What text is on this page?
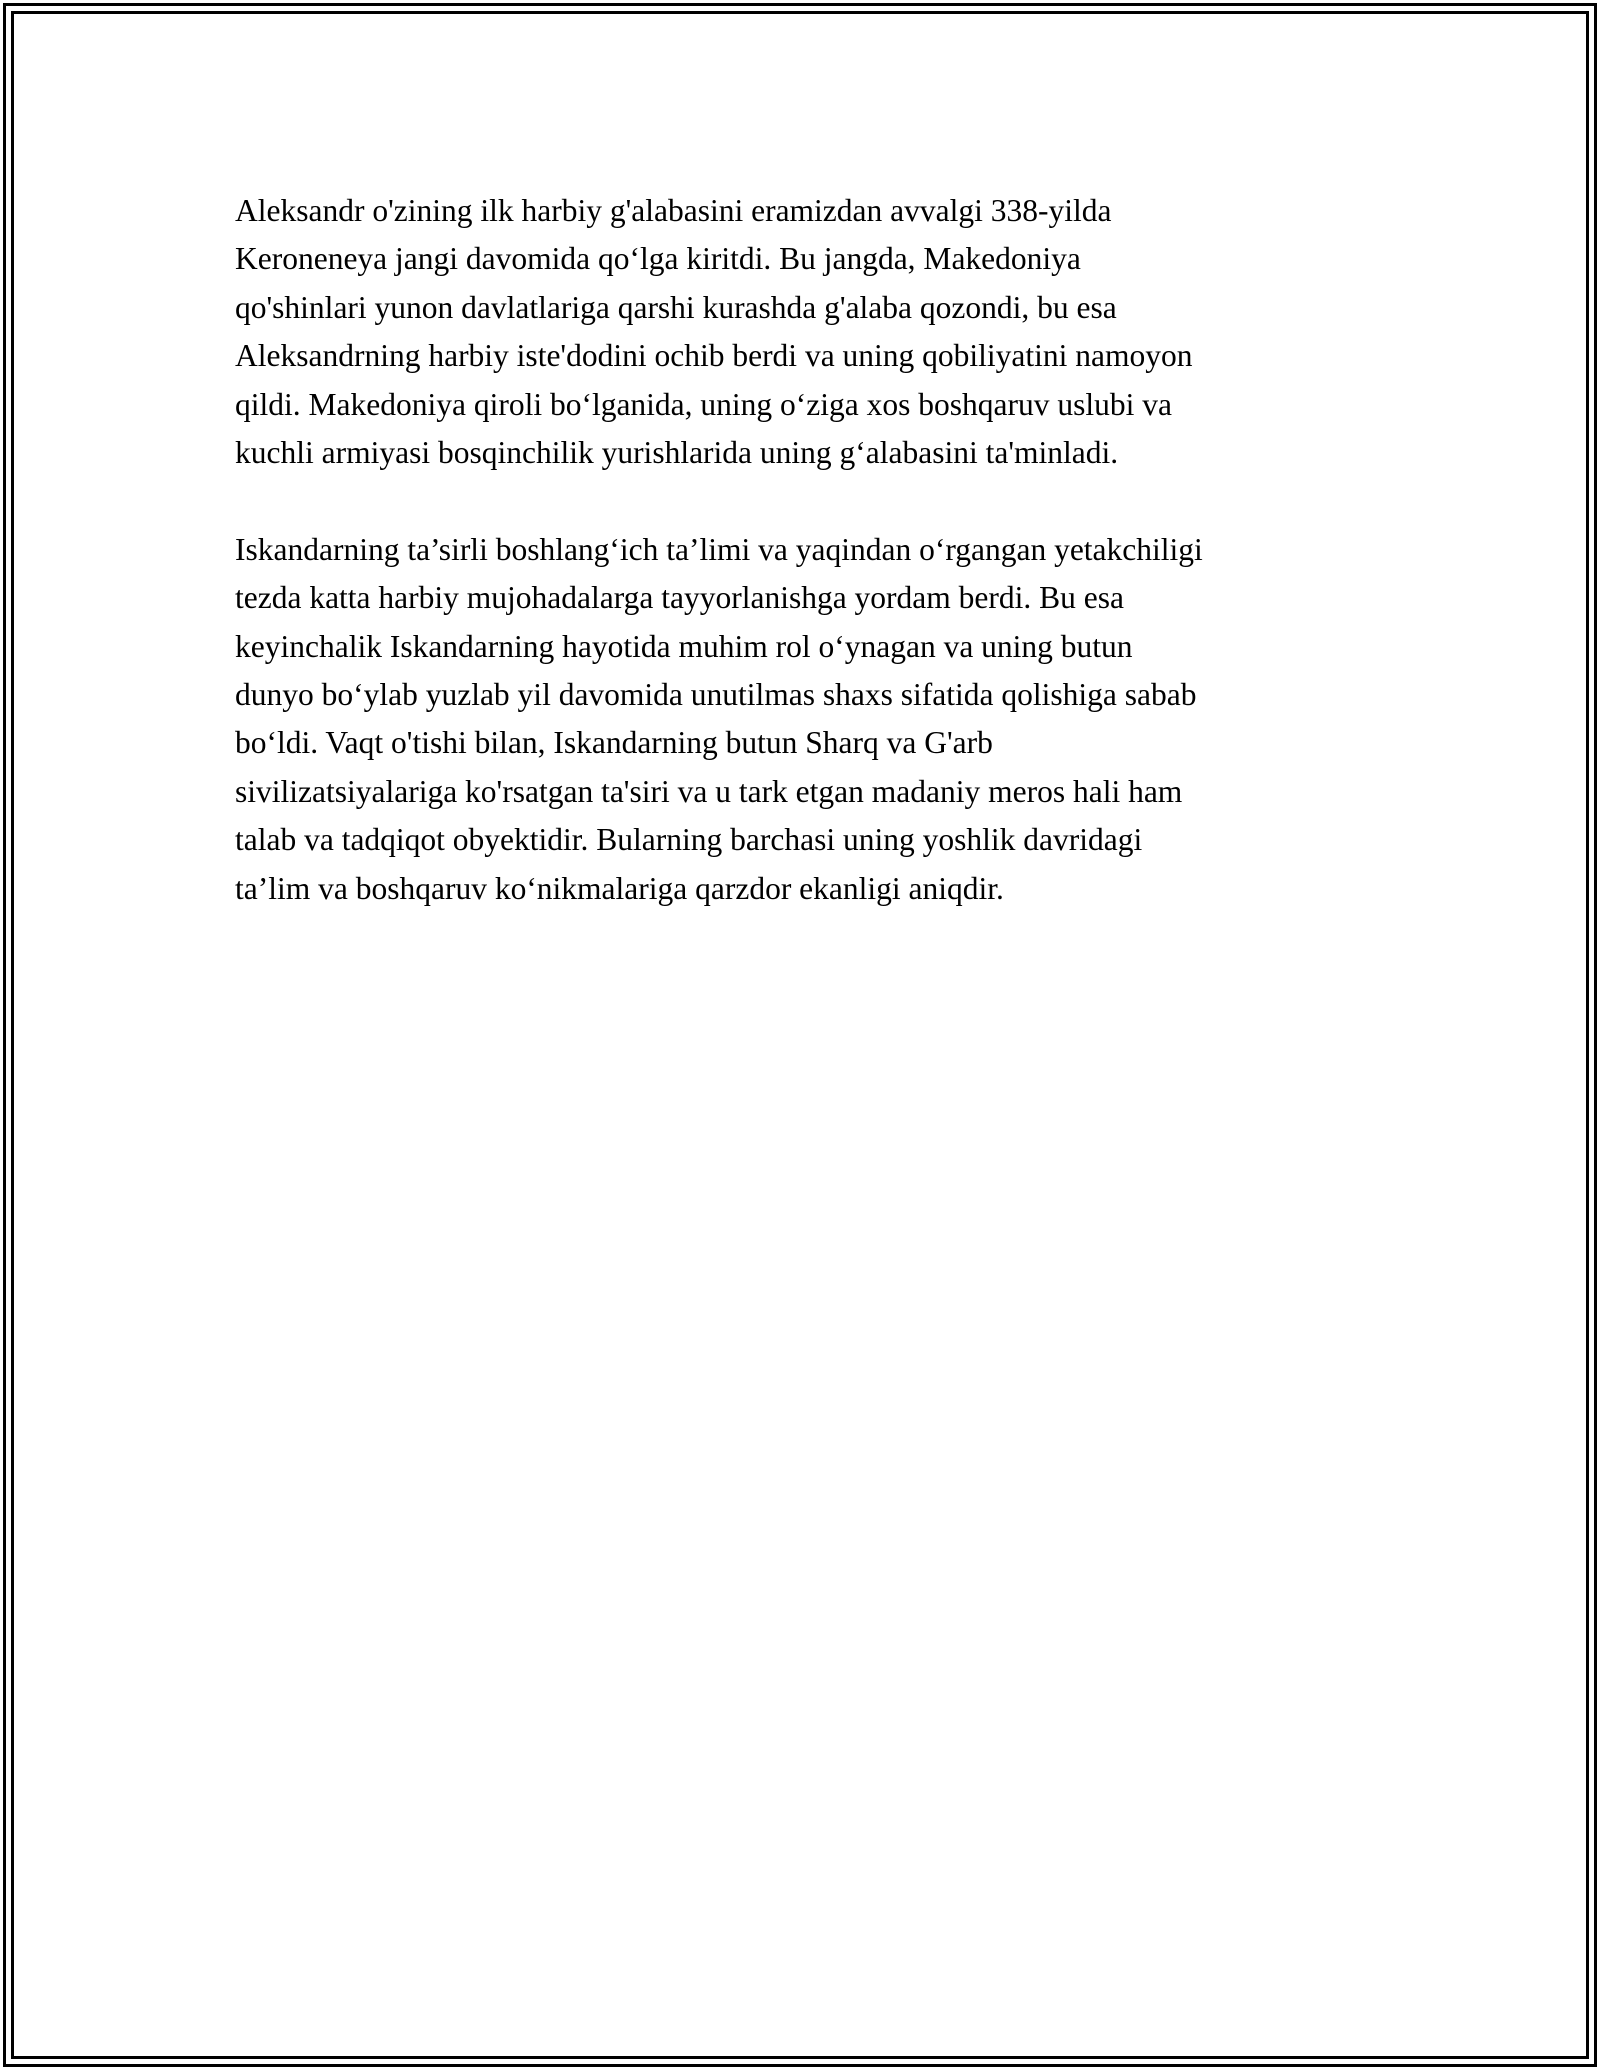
Aleksandr o'zining ilk harbiy g'alabasini eramizdan avvalgi 338-yilda
Keroneneya jangi davomida qoʻlga kiritdi. Bu jangda, Makedoniya
qo'shinlari yunon davlatlariga qarshi kurashda g'alaba qozondi, bu esa
Aleksandrning harbiy iste'dodini ochib berdi va uning qobiliyatini namoyon
qildi. Makedoniya qiroli boʻlganida, uning oʻziga xos boshqaruv uslubi va
kuchli armiyasi bosqinchilik yurishlarida uning gʻalabasini ta'minladi.

Iskandarning ta’sirli boshlangʻich ta’limi va yaqindan oʻrgangan yetakchiligi
tezda katta harbiy mujohadalarga tayyorlanishga yordam berdi. Bu esa
keyinchalik Iskandarning hayotida muhim rol oʻynagan va uning butun
dunyo boʻylab yuzlab yil davomida unutilmas shaxs sifatida qolishiga sabab
boʻldi. Vaqt o'tishi bilan, Iskandarning butun Sharq va G'arb
sivilizatsiyalariga ko'rsatgan ta'siri va u tark etgan madaniy meros hali ham
talab va tadqiqot obyektidir. Bularning barchasi uning yoshlik davridagi
ta’lim va boshqaruv koʻnikmalariga qarzdor ekanligi aniqdir.
